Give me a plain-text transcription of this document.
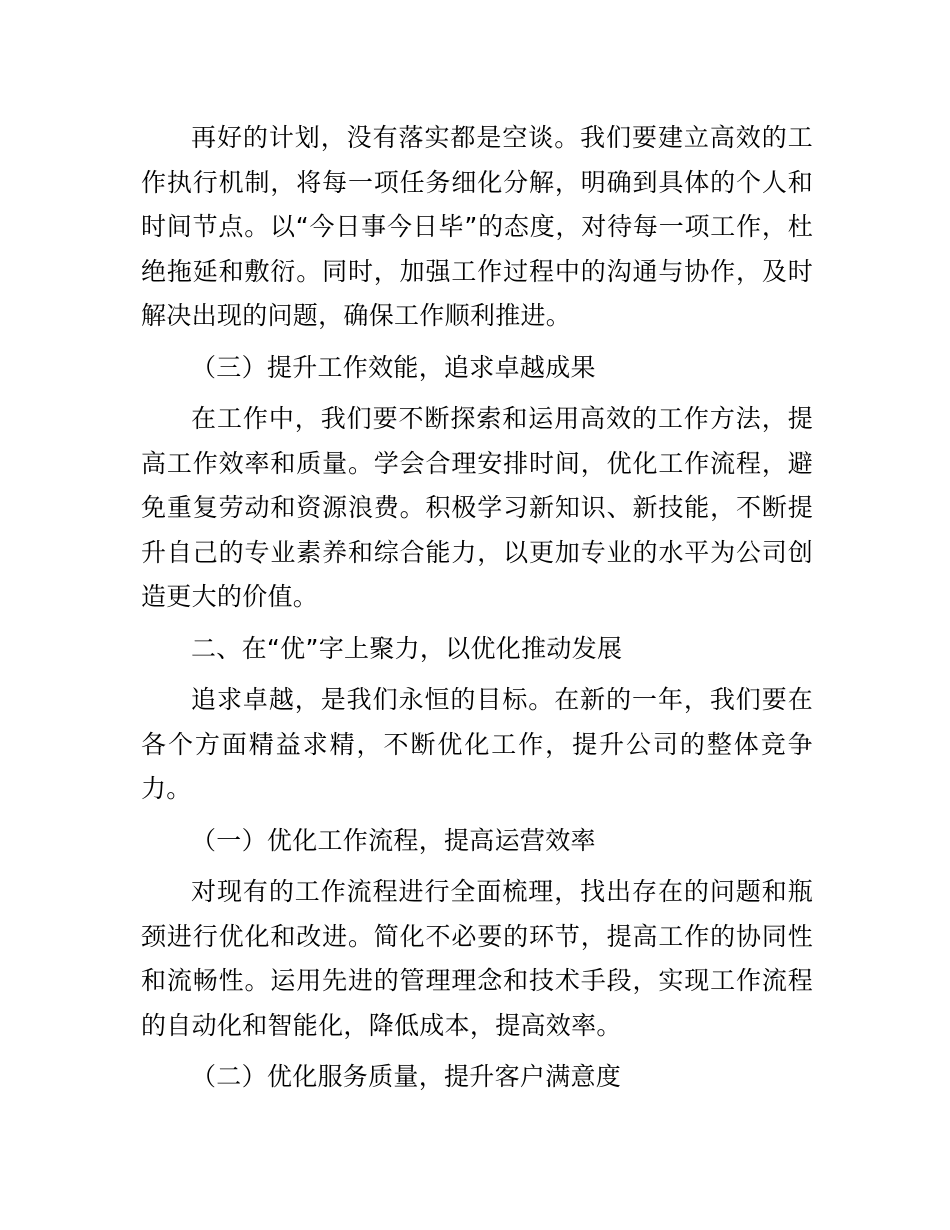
再好的计划，没有落实都是空谈。我们要建立高效的工作执行机制，将每一项任务细化分解，明确到具体的个人和时间节点。以“今日事今日毕”的态度，对待每一项工作，杜绝拖延和敷衍。同时，加强工作过程中的沟通与协作，及时解决出现的问题，确保工作顺利推进。

（三）提升工作效能，追求卓越成果

在工作中，我们要不断探索和运用高效的工作方法，提高工作效率和质量。学会合理安排时间，优化工作流程，避免重复劳动和资源浪费。积极学习新知识、新技能，不断提升自己的专业素养和综合能力，以更加专业的水平为公司创造更大的价值。

二、在“优”字上聚力，以优化推动发展

追求卓越，是我们永恒的目标。在新的一年，我们要在各个方面精益求精，不断优化工作，提升公司的整体竞争力。

（一）优化工作流程，提高运营效率

对现有的工作流程进行全面梳理，找出存在的问题和瓶颈进行优化和改进。简化不必要的环节，提高工作的协同性和流畅性。运用先进的管理理念和技术手段，实现工作流程的自动化和智能化，降低成本，提高效率。

（二）优化服务质量，提升客户满意度
